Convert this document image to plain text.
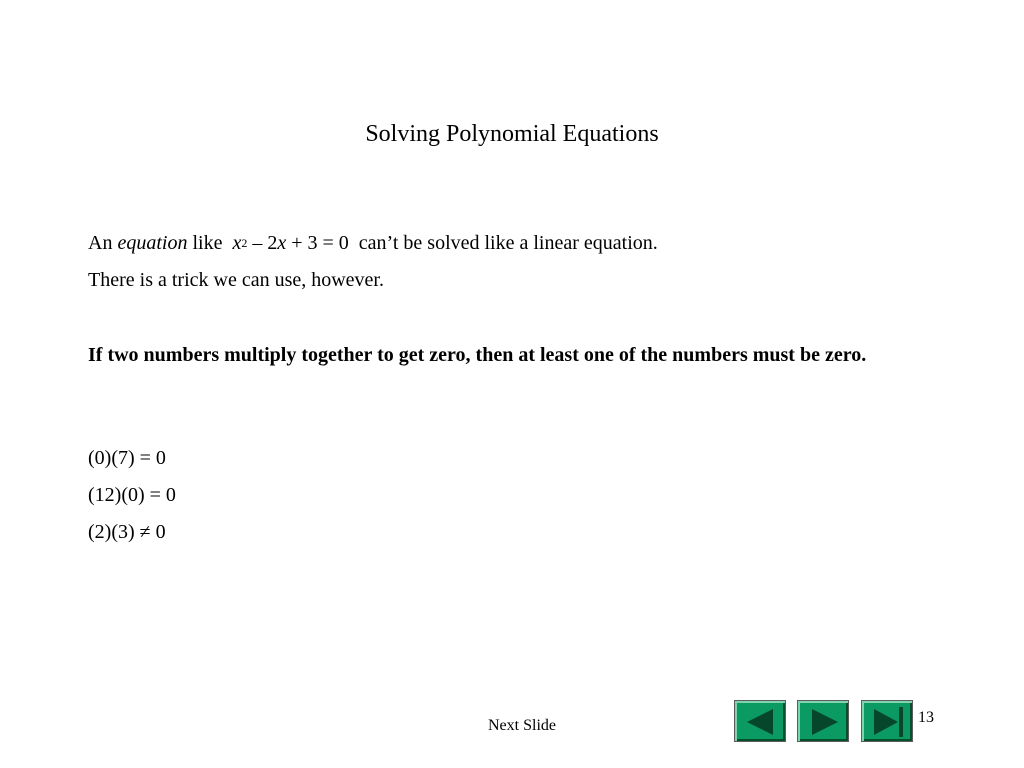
Solving Polynomial Equations
An equation like $x^2 - 2x + 3 = 0$ can’t be solved like a linear equation.
There is a trick we can use, however.
If two numbers multiply together to get zero, then at least one of the numbers must be zero.
(0)(7) = 0
(12)(0) = 0
(2)(3) ≠ 0
Next Slide	13
